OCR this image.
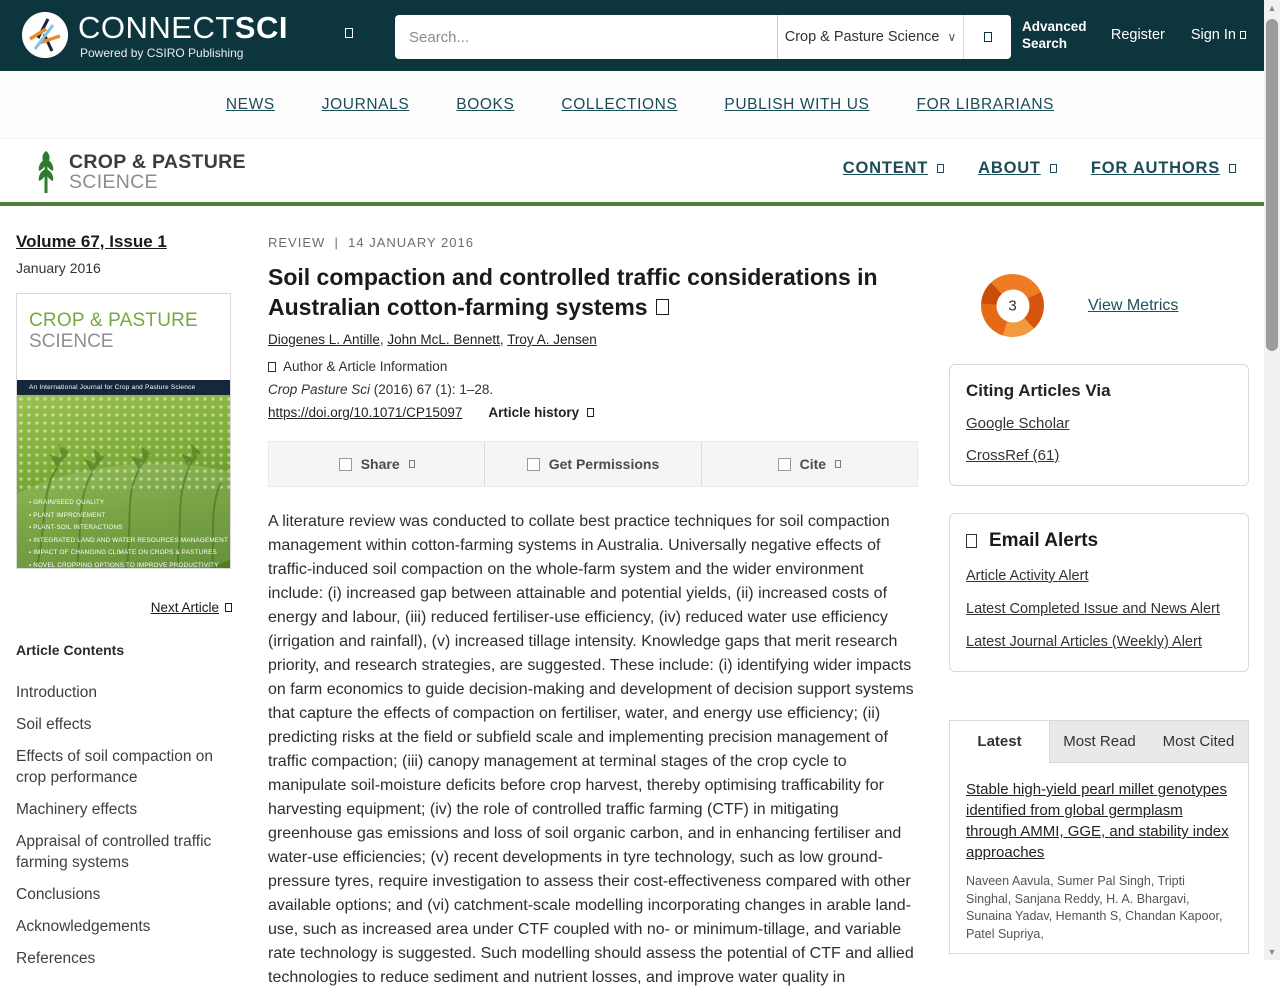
CONNECTSCI
Powered by CSIRO Publishing
Search...
Crop & Pasture Science ∨
Advanced Search
Register Sign In
NEWS	JOURNALS	BOOKS	COLLECTIONS	PUBLISH WITH US	FOR LIBRARIANS
CROP & PASTURE
SCIENCE
CONTENT	ABOUT	FOR AUTHORS
Volume 67, Issue 1
January 2016
CROP & PASTURE
SCIENCE
An International Journal for Crop and Pasture Science
▪ GRAIN/SEED QUALITY
▪ PLANT IMPROVEMENT
▪ PLANT-SOIL INTERACTIONS
▪ INTEGRATED LAND AND WATER RESOURCES MANAGEMENT
▪ IMPACT OF CHANGING CLIMATE ON CROPS & PASTURES
▪ NOVEL CROPPING OPTIONS TO IMPROVE PRODUCTIVITY
Next Article
Article Contents
Introduction
Soil effects
Effects of soil compaction on crop performance
Machinery effects
Appraisal of controlled traffic farming systems
Conclusions
Acknowledgements
References
REVIEW | 14 JANUARY 2016
Soil compaction and controlled traffic considerations in Australian cotton-farming systems
Diogenes L. Antille , John McL. Bennett , Troy A. Jensen
Author & Article Information
Crop Pasture Sci (2016) 67 (1): 1–28.
https://doi.org/10.1071/CP15097 Article history
Share	Get Permissions	Cite

A literature review was conducted to collate best practice techniques for soil compaction management within cotton-farming systems in Australia. Universally negative effects of traffic-induced soil compaction on the whole-farm system and the wider environment include: (i) increased gap between attainable and potential yields, (ii) increased costs of energy and labour, (iii) reduced fertiliser-use efficiency, (iv) reduced water use efficiency (irrigation and rainfall), (v) increased tillage intensity. Knowledge gaps that merit research priority, and research strategies, are suggested. These include: (i) identifying wider impacts on farm economics to guide decision-making and development of decision support systems that capture the effects of compaction on fertiliser, water, and energy use efficiency; (ii) predicting risks at the field or subfield scale and implementing precision management of traffic compaction; (iii) canopy management at terminal stages of the crop cycle to manipulate soil-moisture deficits before crop harvest, thereby optimising trafficability for harvesting equipment; (iv) the role of controlled traffic farming (CTF) in mitigating greenhouse gas emissions and loss of soil organic carbon, and in enhancing fertiliser and water-use efficiencies; (v) recent developments in tyre technology, such as low ground-pressure tyres, require investigation to assess their cost-effectiveness compared with other available options; and (vi) catchment-scale modelling incorporating changes in arable land-use, such as increased area under CTF coupled with no- or minimum-tillage, and variable rate technology is suggested. Such modelling should assess the potential of CTF and allied technologies to reduce sediment and nutrient losses, and improve water quality in

3	View Metrics
Citing Articles Via
Google Scholar
CrossRef (61)
Email Alerts
Article Activity Alert
Latest Completed Issue and News Alert
Latest Journal Articles (Weekly) Alert
Latest	Most Read	Most Cited
Stable high-yield pearl millet genotypes identified from global germplasm through AMMI, GGE, and stability index approaches
Naveen Aavula, Sumer Pal Singh, Tripti Singhal, Sanjana Reddy, H. A. Bhargavi, Sunaina Yadav, Hemanth S, Chandan Kapoor, Patel Supriya,
▲
▼
